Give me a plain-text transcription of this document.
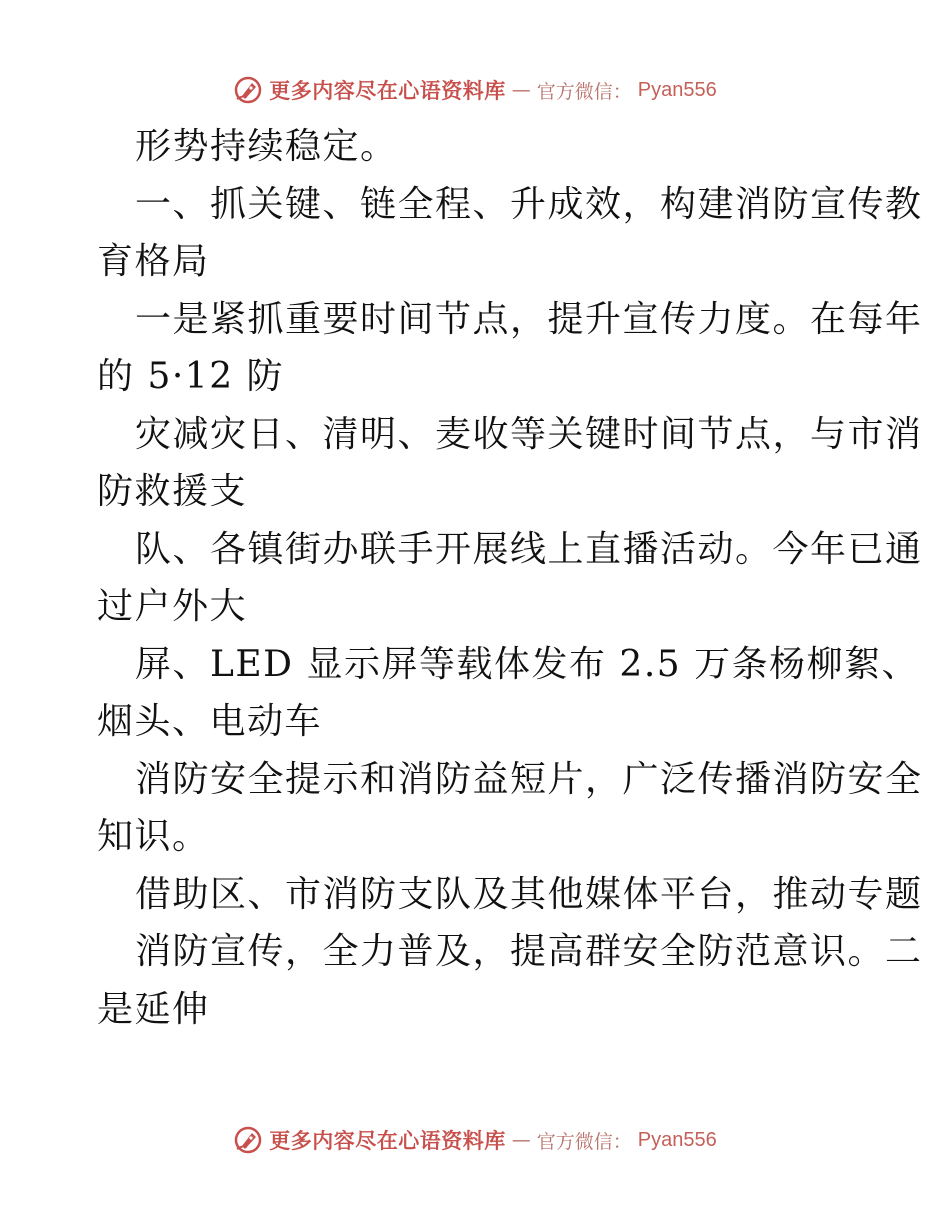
更多内容尽在心语资料库 — 官方微信： Pyan556
形势持续稳定。
一、抓关键、链全程、升成效，构建消防宣传教
育格局
一是紧抓重要时间节点，提升宣传力度。在每年
的 5·12 防
灾减灾日、清明、麦收等关键时间节点，与市消
防救援支
队、各镇街办联手开展线上直播活动。今年已通
过户外大
屏、LED 显示屏等载体发布 2.5 万条杨柳絮、
烟头、电动车
消防安全提示和消防益短片，广泛传播消防安全
知识。
借助区、市消防支队及其他媒体平台，推动专题
消防宣传，全力普及，提高群安全防范意识。二
是延伸
更多内容尽在心语资料库 — 官方微信： Pyan556
